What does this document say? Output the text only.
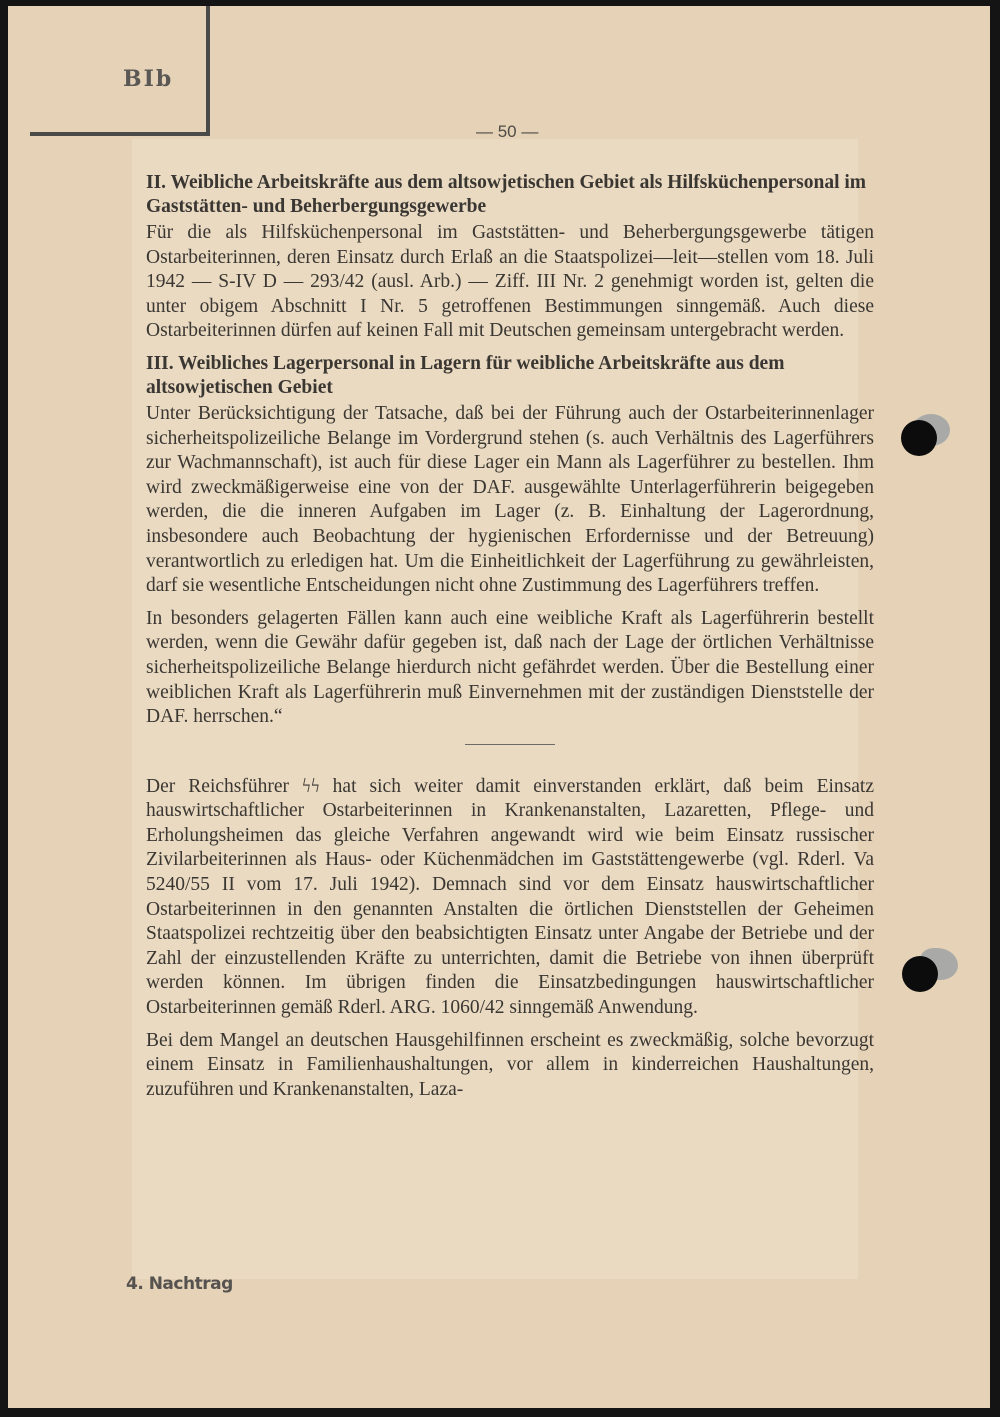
BIb
— 50 —

II. Weibliche Arbeitskräfte aus dem altsowjetischen Gebiet als Hilfsküchenpersonal im Gaststätten- und Beherbergungsgewerbe

Für die als Hilfsküchenpersonal im Gaststätten- und Beherbergungsgewerbe tätigen Ostarbeiterinnen, deren Einsatz durch Erlaß an die Staatspolizei—leit—stellen vom 18. Juli 1942 — S-IV D — 293/42 (ausl. Arb.) — Ziff. III Nr. 2 genehmigt worden ist, gelten die unter obigem Abschnitt I Nr. 5 getroffenen Bestimmungen sinngemäß. Auch diese Ostarbeiterinnen dürfen auf keinen Fall mit Deutschen gemeinsam untergebracht werden.

III. Weibliches Lagerpersonal in Lagern für weibliche Arbeitskräfte aus dem altsowjetischen Gebiet

Unter Berücksichtigung der Tatsache, daß bei der Führung auch der Ostarbeiterinnenlager sicherheitspolizeiliche Belange im Vordergrund stehen (s. auch Verhältnis des Lagerführers zur Wachmannschaft), ist auch für diese Lager ein Mann als Lagerführer zu bestellen. Ihm wird zweckmäßigerweise eine von der DAF. ausgewählte Unterlagerführerin beigegeben werden, die die inneren Aufgaben im Lager (z. B. Einhaltung der Lagerordnung, insbesondere auch Beobachtung der hygienischen Erfordernisse und der Betreuung) verantwortlich zu erledigen hat. Um die Einheitlichkeit der Lagerführung zu gewährleisten, darf sie wesentliche Entscheidungen nicht ohne Zustimmung des Lagerführers treffen.

In besonders gelagerten Fällen kann auch eine weibliche Kraft als Lagerführerin bestellt werden, wenn die Gewähr dafür gegeben ist, daß nach der Lage der örtlichen Verhältnisse sicherheitspolizeiliche Belange hierdurch nicht gefährdet werden. Über die Bestellung einer weiblichen Kraft als Lagerführerin muß Einvernehmen mit der zuständigen Dienststelle der DAF. herrschen.“

Der Reichsführer ϟϟ hat sich weiter damit einverstanden erklärt, daß beim Einsatz hauswirtschaftlicher Ostarbeiterinnen in Krankenanstalten, Lazaretten, Pflege- und Erholungsheimen das gleiche Verfahren angewandt wird wie beim Einsatz russischer Zivilarbeiterinnen als Haus- oder Küchenmädchen im Gaststättengewerbe (vgl. Rderl. Va 5240/55 II vom 17. Juli 1942). Demnach sind vor dem Einsatz hauswirtschaftlicher Ostarbeiterinnen in den genannten Anstalten die örtlichen Dienststellen der Geheimen Staatspolizei rechtzeitig über den beabsichtigten Einsatz unter Angabe der Betriebe und der Zahl der einzustellenden Kräfte zu unterrichten, damit die Betriebe von ihnen überprüft werden können. Im übrigen finden die Einsatzbedingungen hauswirtschaftlicher Ostarbeiterinnen gemäß Rderl. ARG. 1060/42 sinngemäß Anwendung.

Bei dem Mangel an deutschen Hausgehilfinnen erscheint es zweckmäßig, solche bevorzugt einem Einsatz in Familienhaushaltungen, vor allem in kinderreichen Haushaltungen, zuzuführen und Krankenanstalten, Laza-

4. Nachtrag
